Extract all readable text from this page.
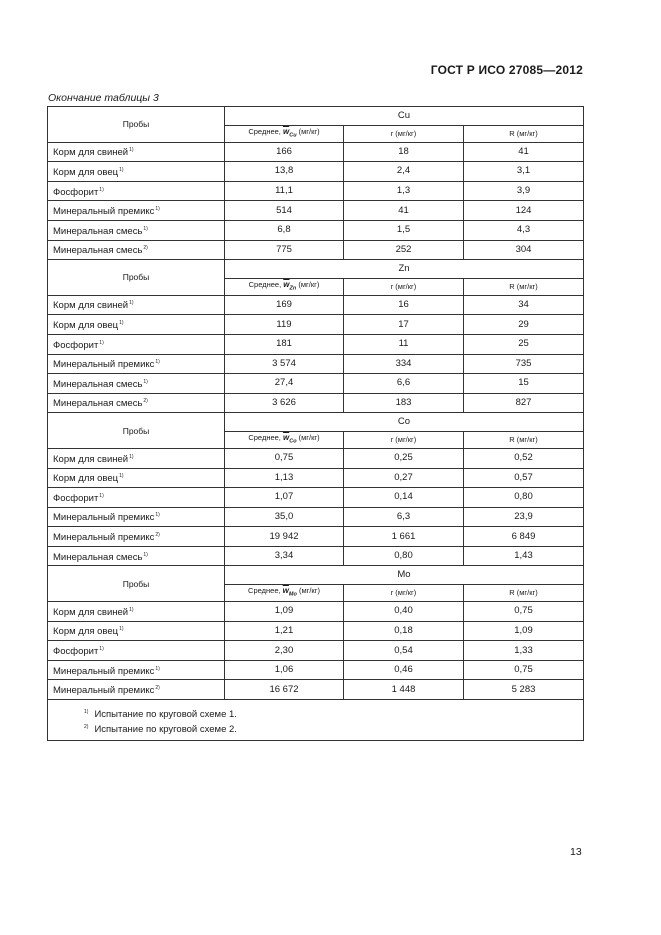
ГОСТ Р ИСО 27085—2012
Окончание таблицы 3
Пробы	Cu		
	Среднее, $\overline{w}_{Cu}$ (мг/кг)	r (мг/кг)	R (мг/кг)
Корм для свиней$^{1)}$	166	18	41
Корм для овец$^{1)}$	13,8	2,4	3,1
Фосфорит$^{1)}$	11,1	1,3	3,9
Минеральный премикс$^{1)}$	514	41	124
Минеральная смесь$^{1)}$	6,8	1,5	4,3
Минеральная смесь$^{2)}$	775	252	304
Пробы	Zn		
	Среднее, $\overline{w}_{Zn}$ (мг/кг)	r (мг/кг)	R (мг/кг)
Корм для свиней$^{1)}$	169	16	34
Корм для овец$^{1)}$	119	17	29
Фосфорит$^{1)}$	181	11	25
Минеральный премикс$^{1)}$	3 574	334	735
Минеральная смесь$^{1)}$	27,4	6,6	15
Минеральная смесь$^{2)}$	3 626	183	827
Пробы	Co		
	Среднее, $\overline{w}_{Co}$ (мг/кг)	r (мг/кг)	R (мг/кг)
Корм для свиней$^{1)}$	0,75	0,25	0,52
Корм для овец$^{1)}$	1,13	0,27	0,57
Фосфорит$^{1)}$	1,07	0,14	0,80
Минеральный премикс$^{1)}$	35,0	6,3	23,9
Минеральный премикс$^{2)}$	19 942	1 661	6 849
Минеральная смесь$^{1)}$	3,34	0,80	1,43
Пробы	Mo		
	Среднее, $\overline{w}_{Mo}$ (мг/кг)	r (мг/кг)	R (мг/кг)
Корм для свиней$^{1)}$	1,09	0,40	0,75
Корм для овец$^{1)}$	1,21	0,18	1,09
Фосфорит$^{1)}$	2,30	0,54	1,33
Минеральный премикс$^{1)}$	1,06	0,46	0,75
Минеральный премикс$^{2)}$	16 672	1 448	5 283

$^{1)}$ Испытание по круговой схеме 1.
$^{2)}$ Испытание по круговой схеме 2.			
13
